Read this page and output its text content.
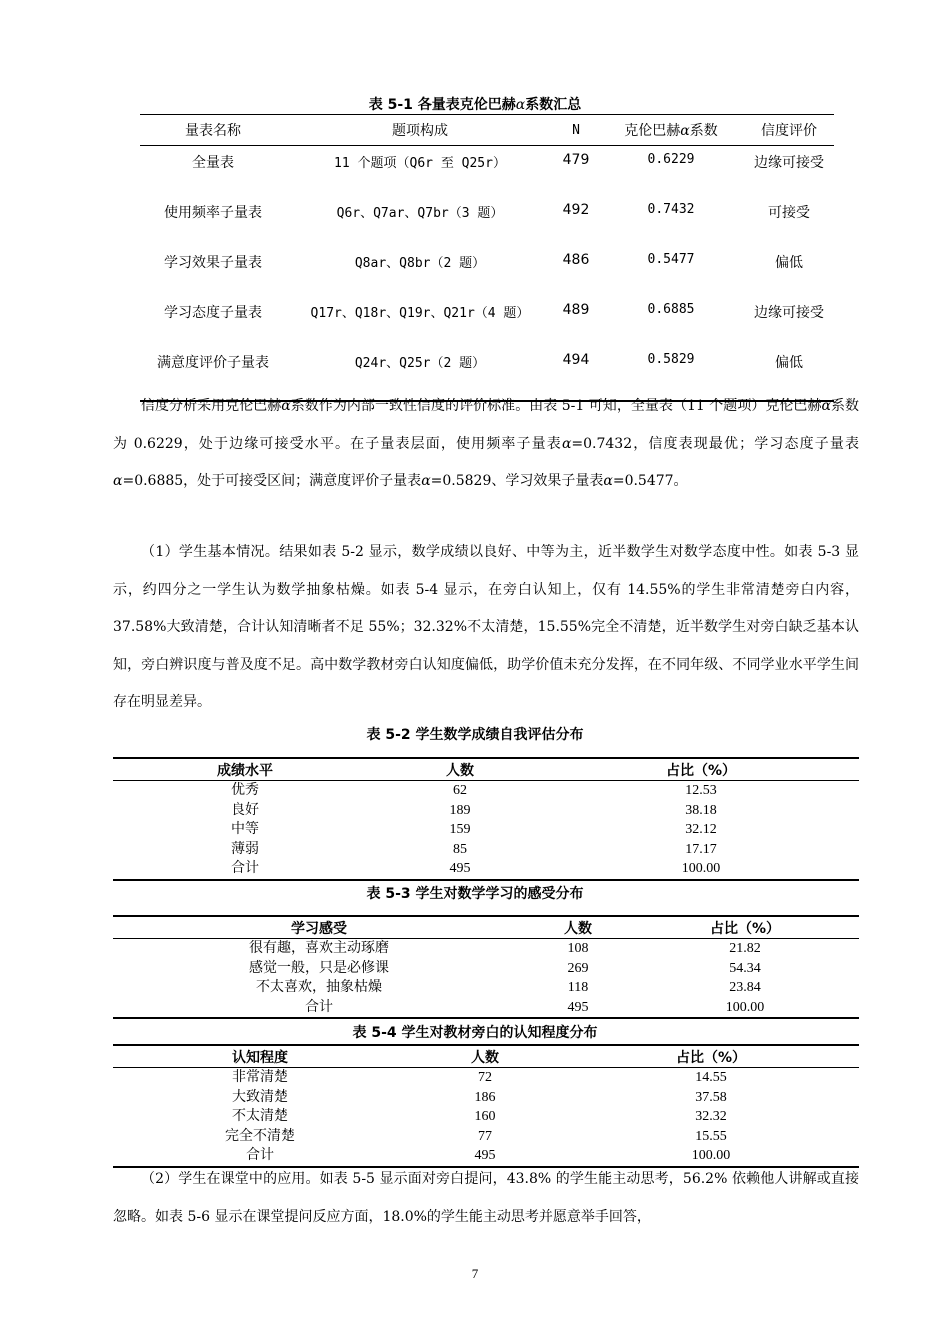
表 5-1 各量表克伦巴赫α系数汇总
量表名称	题项构成	N	克伦巴赫α系数	信度评价
全量表	11 个题项（Q6r 至 Q25r）	479	0.6229	边缘可接受
使用频率子量表	Q6r、Q7ar、Q7br（3 题）	492	0.7432	可接受
学习效果子量表	Q8ar、Q8br（2 题）	486	0.5477	偏低
学习态度子量表	Q17r、Q18r、Q19r、Q21r（4 题）	489	0.6885	边缘可接受
满意度评价子量表	Q24r、Q25r（2 题）	494	0.5829	偏低

信度分析采用克伦巴赫α系数作为内部一致性信度的评价标准。由表 5-1 可知，全量表（11 个题项）克伦巴赫α系数为 0.6229，处于边缘可接受水平。在子量表层面，使用频率子量表α=0.7432，信度表现最优；学习态度子量表α=0.6885，处于可接受区间；满意度评价子量表α=0.5829、学习效果子量表α=0.5477。

（1）学生基本情况。结果如表 5-2 显示，数学成绩以良好、中等为主，近半数学生对数学态度中性。如表 5-3 显示，约四分之一学生认为数学抽象枯燥。如表 5-4 显示，在旁白认知上，仅有 14.55%的学生非常清楚旁白内容，37.58%大致清楚，合计认知清晰者不足 55%；32.32%不太清楚，15.55%完全不清楚，近半数学生对旁白缺乏基本认知，旁白辨识度与普及度不足。高中数学教材旁白认知度偏低，助学价值未充分发挥，在不同年级、不同学业水平学生间存在明显差异。

表 5-2 学生数学成绩自我评估分布
成绩水平	人数	占比（%）
优秀	62	12.53
良好	189	38.18
中等	159	32.12
薄弱	85	17.17
合计	495	100.00
表 5-3 学生对数学学习的感受分布
学习感受	人数	占比（%）
很有趣，喜欢主动琢磨	108	21.82
感觉一般，只是必修课	269	54.34
不太喜欢，抽象枯燥	118	23.84
合计	495	100.00
表 5-4 学生对教材旁白的认知程度分布
认知程度	人数	占比（%）
非常清楚	72	14.55
大致清楚	186	37.58
不太清楚	160	32.32
完全不清楚	77	15.55
合计	495	100.00

（2）学生在课堂中的应用。如表 5-5 显示面对旁白提问，43.8% 的学生能主动思考，56.2% 依赖他人讲解或直接忽略。如表 5-6 显示在课堂提问反应方面，18.0%的学生能主动思考并愿意举手回答，

7
